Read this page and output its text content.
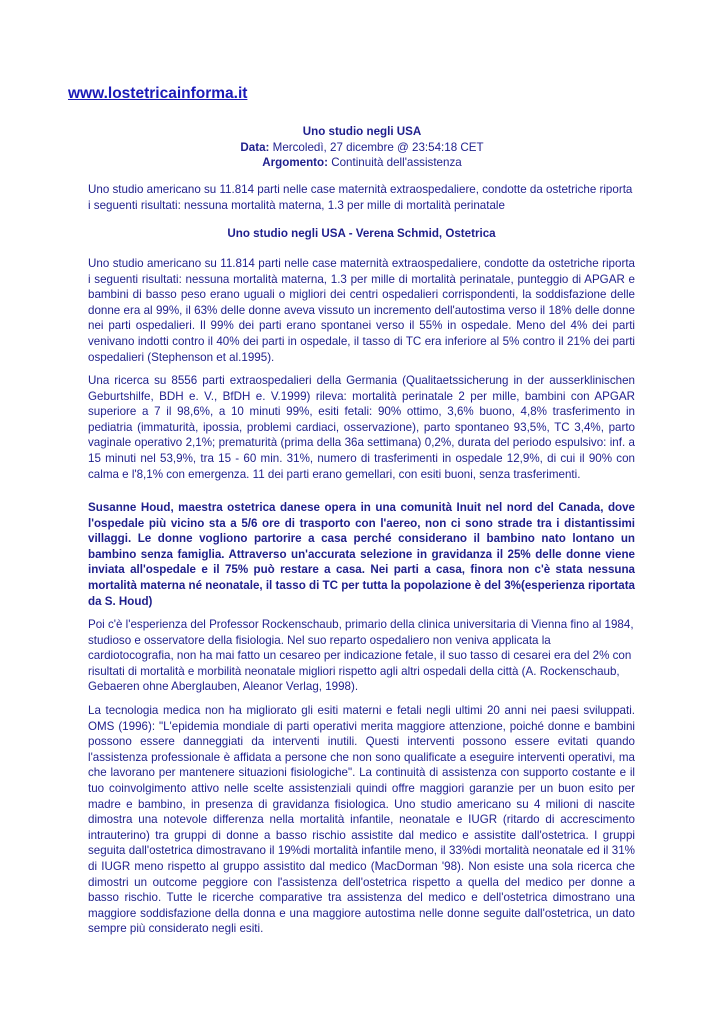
www.lostetricainforma.it
Uno studio negli USA
Data: Mercoledì, 27 dicembre @ 23:54:18 CET
Argomento: Continuità dell'assistenza

Uno studio americano su 11.814 parti nelle case maternità extraospedaliere, condotte da ostetriche riporta i seguenti risultati: nessuna mortalità materna, 1.3 per mille di mortalità perinatale

Uno studio negli USA - Verena Schmid, Ostetrica

Uno studio americano su 11.814 parti nelle case maternità extraospedaliere, condotte da ostetriche riporta i seguenti risultati: nessuna mortalità materna, 1.3 per mille di mortalità perinatale, punteggio di APGAR e bambini di basso peso erano uguali o migliori dei centri ospedalieri corrispondenti, la soddisfazione delle donne era al 99%, il 63% delle donne aveva vissuto un incremento dell'autostima verso il 18% delle donne nei parti ospedalieri. Il 99% dei parti erano spontanei verso il 55% in ospedale. Meno del 4% dei parti venivano indotti contro il 40% dei parti in ospedale, il tasso di TC era inferiore al 5% contro il 21% dei parti ospedalieri (Stephenson et al.1995).

Una ricerca su 8556 parti extraospedalieri della Germania (Qualitaetssicherung in der ausserklinischen Geburtshilfe, BDH e. V., BfDH e. V.1999) rileva: mortalità perinatale 2 per mille, bambini con APGAR superiore a 7 il 98,6%, a 10 minuti 99%, esiti fetali: 90% ottimo, 3,6% buono, 4,8% trasferimento in pediatria (immaturità, ipossia, problemi cardiaci, osservazione), parto spontaneo 93,5%, TC 3,4%, parto vaginale operativo 2,1%; prematurità (prima della 36a settimana) 0,2%, durata del periodo espulsivo: inf. a 15 minuti nel 53,9%, tra 15 - 60 min. 31%, numero di trasferimenti in ospedale 12,9%, di cui il 90% con calma e l'8,1% con emergenza. 11 dei parti erano gemellari, con esiti buoni, senza trasferimenti.

Susanne Houd, maestra ostetrica danese opera in una comunità Inuit nel nord del Canada, dove l'ospedale più vicino sta a 5/6 ore di trasporto con l'aereo, non ci sono strade tra i distantissimi villaggi. Le donne vogliono partorire a casa perché considerano il bambino nato lontano un bambino senza famiglia. Attraverso un'accurata selezione in gravidanza il 25% delle donne viene inviata all'ospedale e il 75% può restare a casa. Nei parti a casa, finora non c'è stata nessuna mortalità materna né neonatale, il tasso di TC per tutta la popolazione è del 3%(esperienza riportata da S. Houd)

Poi c'è l'esperienza del Professor Rockenschaub, primario della clinica universitaria di Vienna fino al 1984, studioso e osservatore della fisiologia. Nel suo reparto ospedaliero non veniva applicata la cardiotocografia, non ha mai fatto un cesareo per indicazione fetale, il suo tasso di cesarei era del 2% con risultati di mortalità e morbilità neonatale migliori rispetto agli altri ospedali della città (A. Rockenschaub, Gebaeren ohne Aberglauben, Aleanor Verlag, 1998).

La tecnologia medica non ha migliorato gli esiti materni e fetali negli ultimi 20 anni nei paesi sviluppati. OMS (1996): "L'epidemia mondiale di parti operativi merita maggiore attenzione, poiché donne e bambini possono essere danneggiati da interventi inutili. Questi interventi possono essere evitati quando l'assistenza professionale è affidata a persone che non sono qualificate a eseguire interventi operativi, ma che lavorano per mantenere situazioni fisiologiche". La continuità di assistenza con supporto costante e il tuo coinvolgimento attivo nelle scelte assistenziali quindi offre maggiori garanzie per un buon esito per madre e bambino, in presenza di gravidanza fisiologica. Uno studio americano su 4 milioni di nascite dimostra una notevole differenza nella mortalità infantile, neonatale e IUGR (ritardo di accrescimento intrauterino) tra gruppi di donne a basso rischio assistite dal medico e assistite dall'ostetrica. I gruppi seguita dall'ostetrica dimostravano il 19%di mortalità infantile meno, il 33%di mortalità neonatale ed il 31% di IUGR meno rispetto al gruppo assistito dal medico (MacDorman '98). Non esiste una sola ricerca che dimostri un outcome peggiore con l'assistenza dell'ostetrica rispetto a quella del medico per donne a basso rischio. Tutte le ricerche comparative tra assistenza del medico e dell'ostetrica dimostrano una maggiore soddisfazione della donna e una maggiore autostima nelle donne seguite dall'ostetrica, un dato sempre più considerato negli esiti.
